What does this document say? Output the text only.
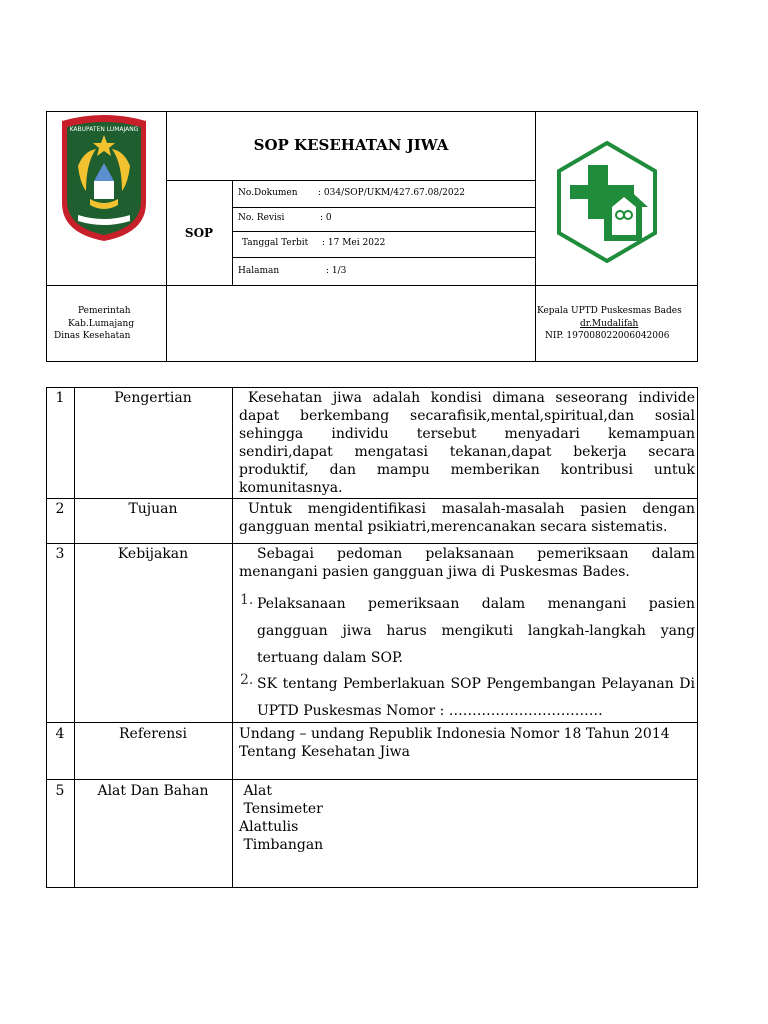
KABUPATEN LUMAJANG
SOP KESEHATAN JIWA
SOP
No.Dokumen : 034/SOP/UKM/427.67.08/2022
No. Revisi	: 0
Tanggal Terbit : 17 Mei 2022
Halaman	: 1/3
Pemerintah
Kab.Lumajang
Dinas Kesehatan
Kepala UPTD Puskesmas Bades
dr.Mudalifah
NIP. 197008022006042006
1	Pengertian	Kesehatan jiwa adalah kondisi dimana seseorang individe dapat berkembang secarafisik,mental,spiritual,dan sosial sehingga individu tersebut menyadari kemampuan sendiri,dapat mengatasi tekanan,dapat bekerja secara produktif, dan mampu memberikan kontribusi untuk komunitasnya.
2	Tujuan	Untuk mengidentifikasi masalah-masalah pasien dengan gangguan mental psikiatri,merencanakan secara sistematis.
3	Kebijakan	Sebagai pedoman pelaksanaan pemeriksaan dalam menangani pasien gangguan jiwa di Puskesmas Bades.
1. Pelaksanaan pemeriksaan dalam menangani pasien gangguan jiwa harus mengikuti langkah-langkah yang tertuang dalam SOP.
2. SK tentang Pemberlakuan SOP Pengembangan Pelayanan Di UPTD Puskesmas Nomor : ……………………………
4	Referensi	Undang – undang Republik Indonesia Nomor 18 Tahun 2014 Tentang Kesehatan Jiwa
5	Alat Dan Bahan	Alat
Tensimeter
Alattulis
Timbangan
